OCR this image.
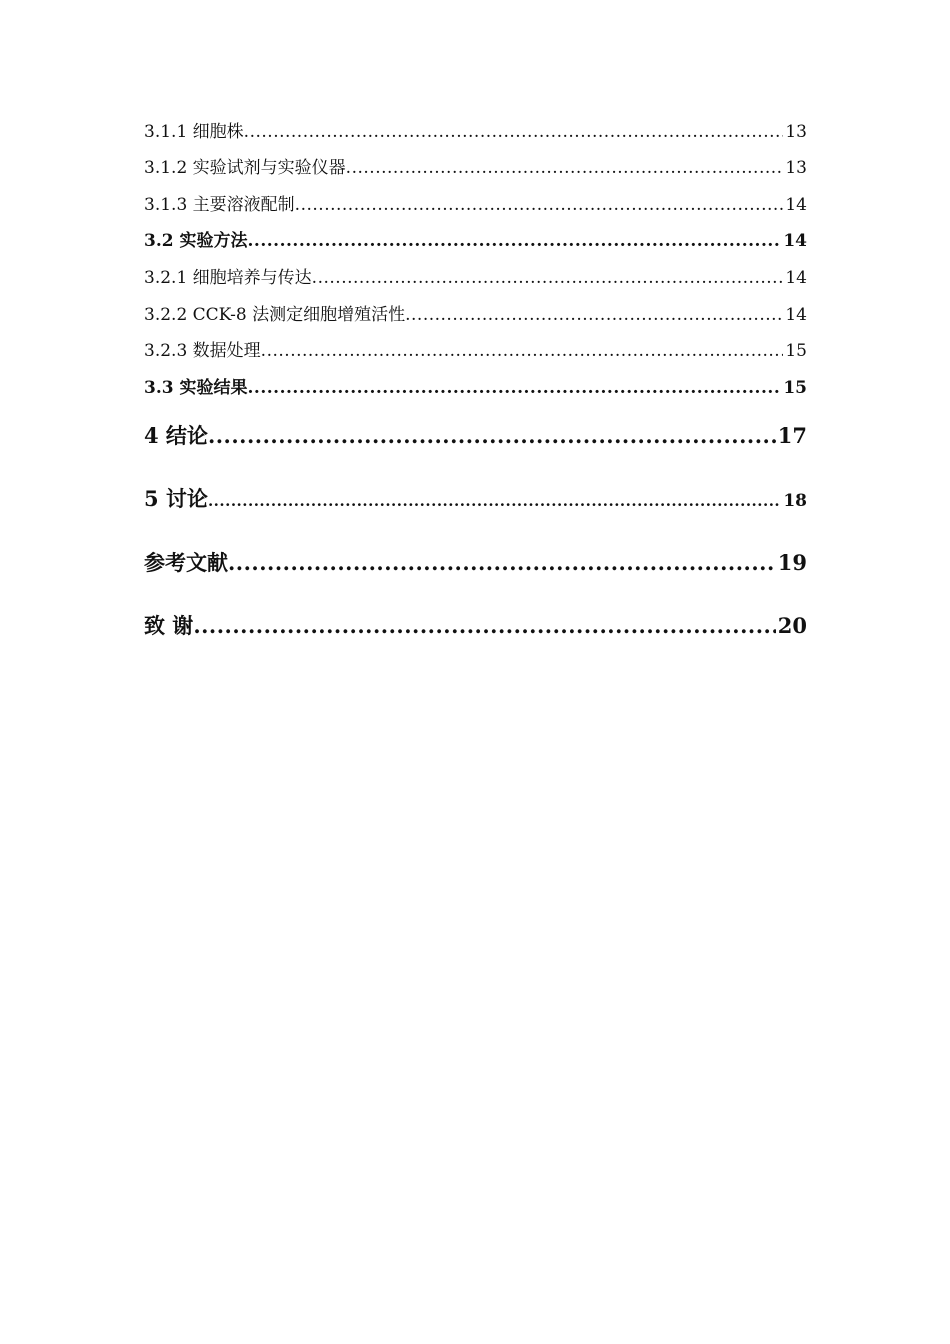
3.1.1 细胞株 .....	13
3.1.2 实验试剂与实验仪器 .....	13
3.1.3 主要溶液配制 .....	14
3.2 实验方法 .....	14
3.2.1 细胞培养与传达 .....	14
3.2.2 CCK-8 法测定细胞增殖活性 .....	14
3.2.3 数据处理 .....	15
3.3 实验结果 .....	15
4 结论 .....	17
5 讨论 .....	18
参考文献 .....	19
致 谢 .....	20
